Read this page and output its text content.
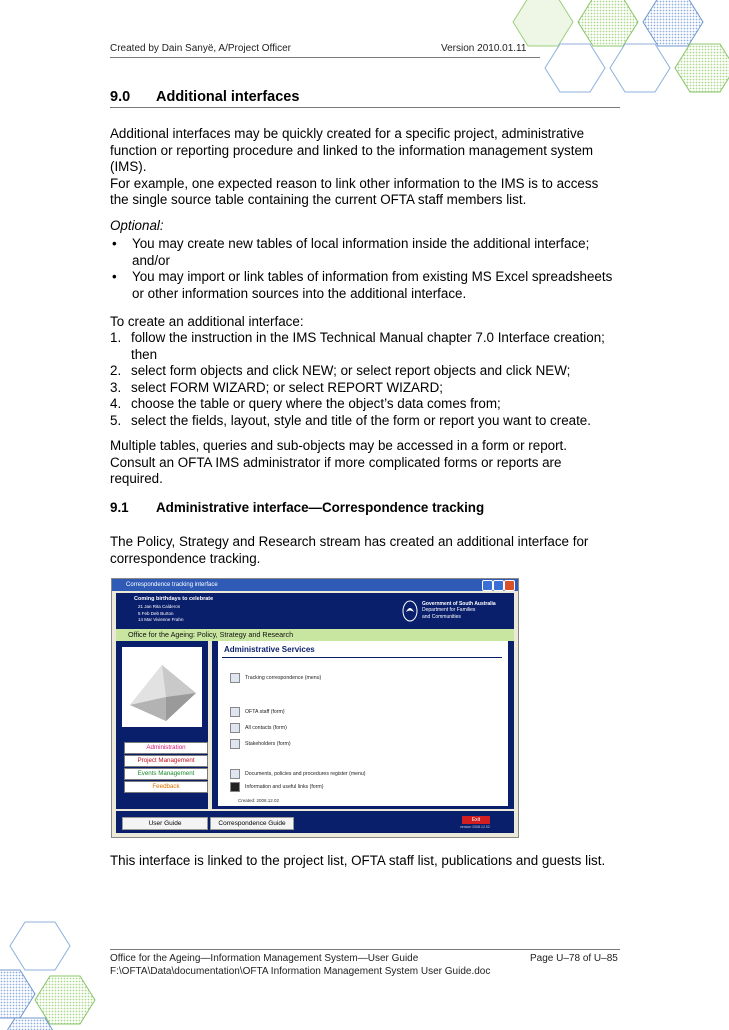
Created by Dain Sanyë, A/Project Officer	Version 2010.01.11
9.0 Additional interfaces
Additional interfaces may be quickly created for a specific project, administrative
function or reporting procedure and linked to the information management system
(IMS).
For example, one expected reason to link other information to the IMS is to access
the single source table containing the current OFTA staff members list.
Optional:
• You may create new tables of local information inside the additional interface;
and/or
• You may import or link tables of information from existing MS Excel spreadsheets
or other information sources into the additional interface.
To create an additional interface:
1. follow the instruction in the IMS Technical Manual chapter 7.0 Interface creation;
then
2. select form objects and click NEW; or select report objects and click NEW;
3. select FORM WIZARD; or select REPORT WIZARD;
4. choose the table or query where the object’s data comes from;
5. select the fields, layout, style and title of the form or report you want to create.
Multiple tables, queries and sub-objects may be accessed in a form or report.
Consult an OFTA IMS administrator if more complicated forms or reports are
required.
9.1 Administrative interface—Correspondence tracking
The Policy, Strategy and Research stream has created an additional interface for
correspondence tracking.
Correspondence tracking interface
Coming birthdays to celebrate
21 Jan Rita Calderon
5 Feb Deb Burton
14 Mar Vivienne Frahn
Government of South Australia
Department for Families
and Communities
Office for the Ageing: Policy, Strategy and Research
Administration
Project Management
Events Management
Feedback
Administrative Services
Tracking correspondence (menu)
OFTA staff (form)
All contacts (form)
Stakeholders (form)
Documents, policies and procedures register (menu)
Information and useful links (form)
Created: 2008.12.02
User Guide	Correspondence Guide	Exit
version 2008.12.02
This interface is linked to the project list, OFTA staff list, publications and guests list.
Office for the Ageing—Information Management System—User Guide
F:\OFTA\Data\documentation\OFTA Information Management System User Guide.doc
Page U–78 of U–85
